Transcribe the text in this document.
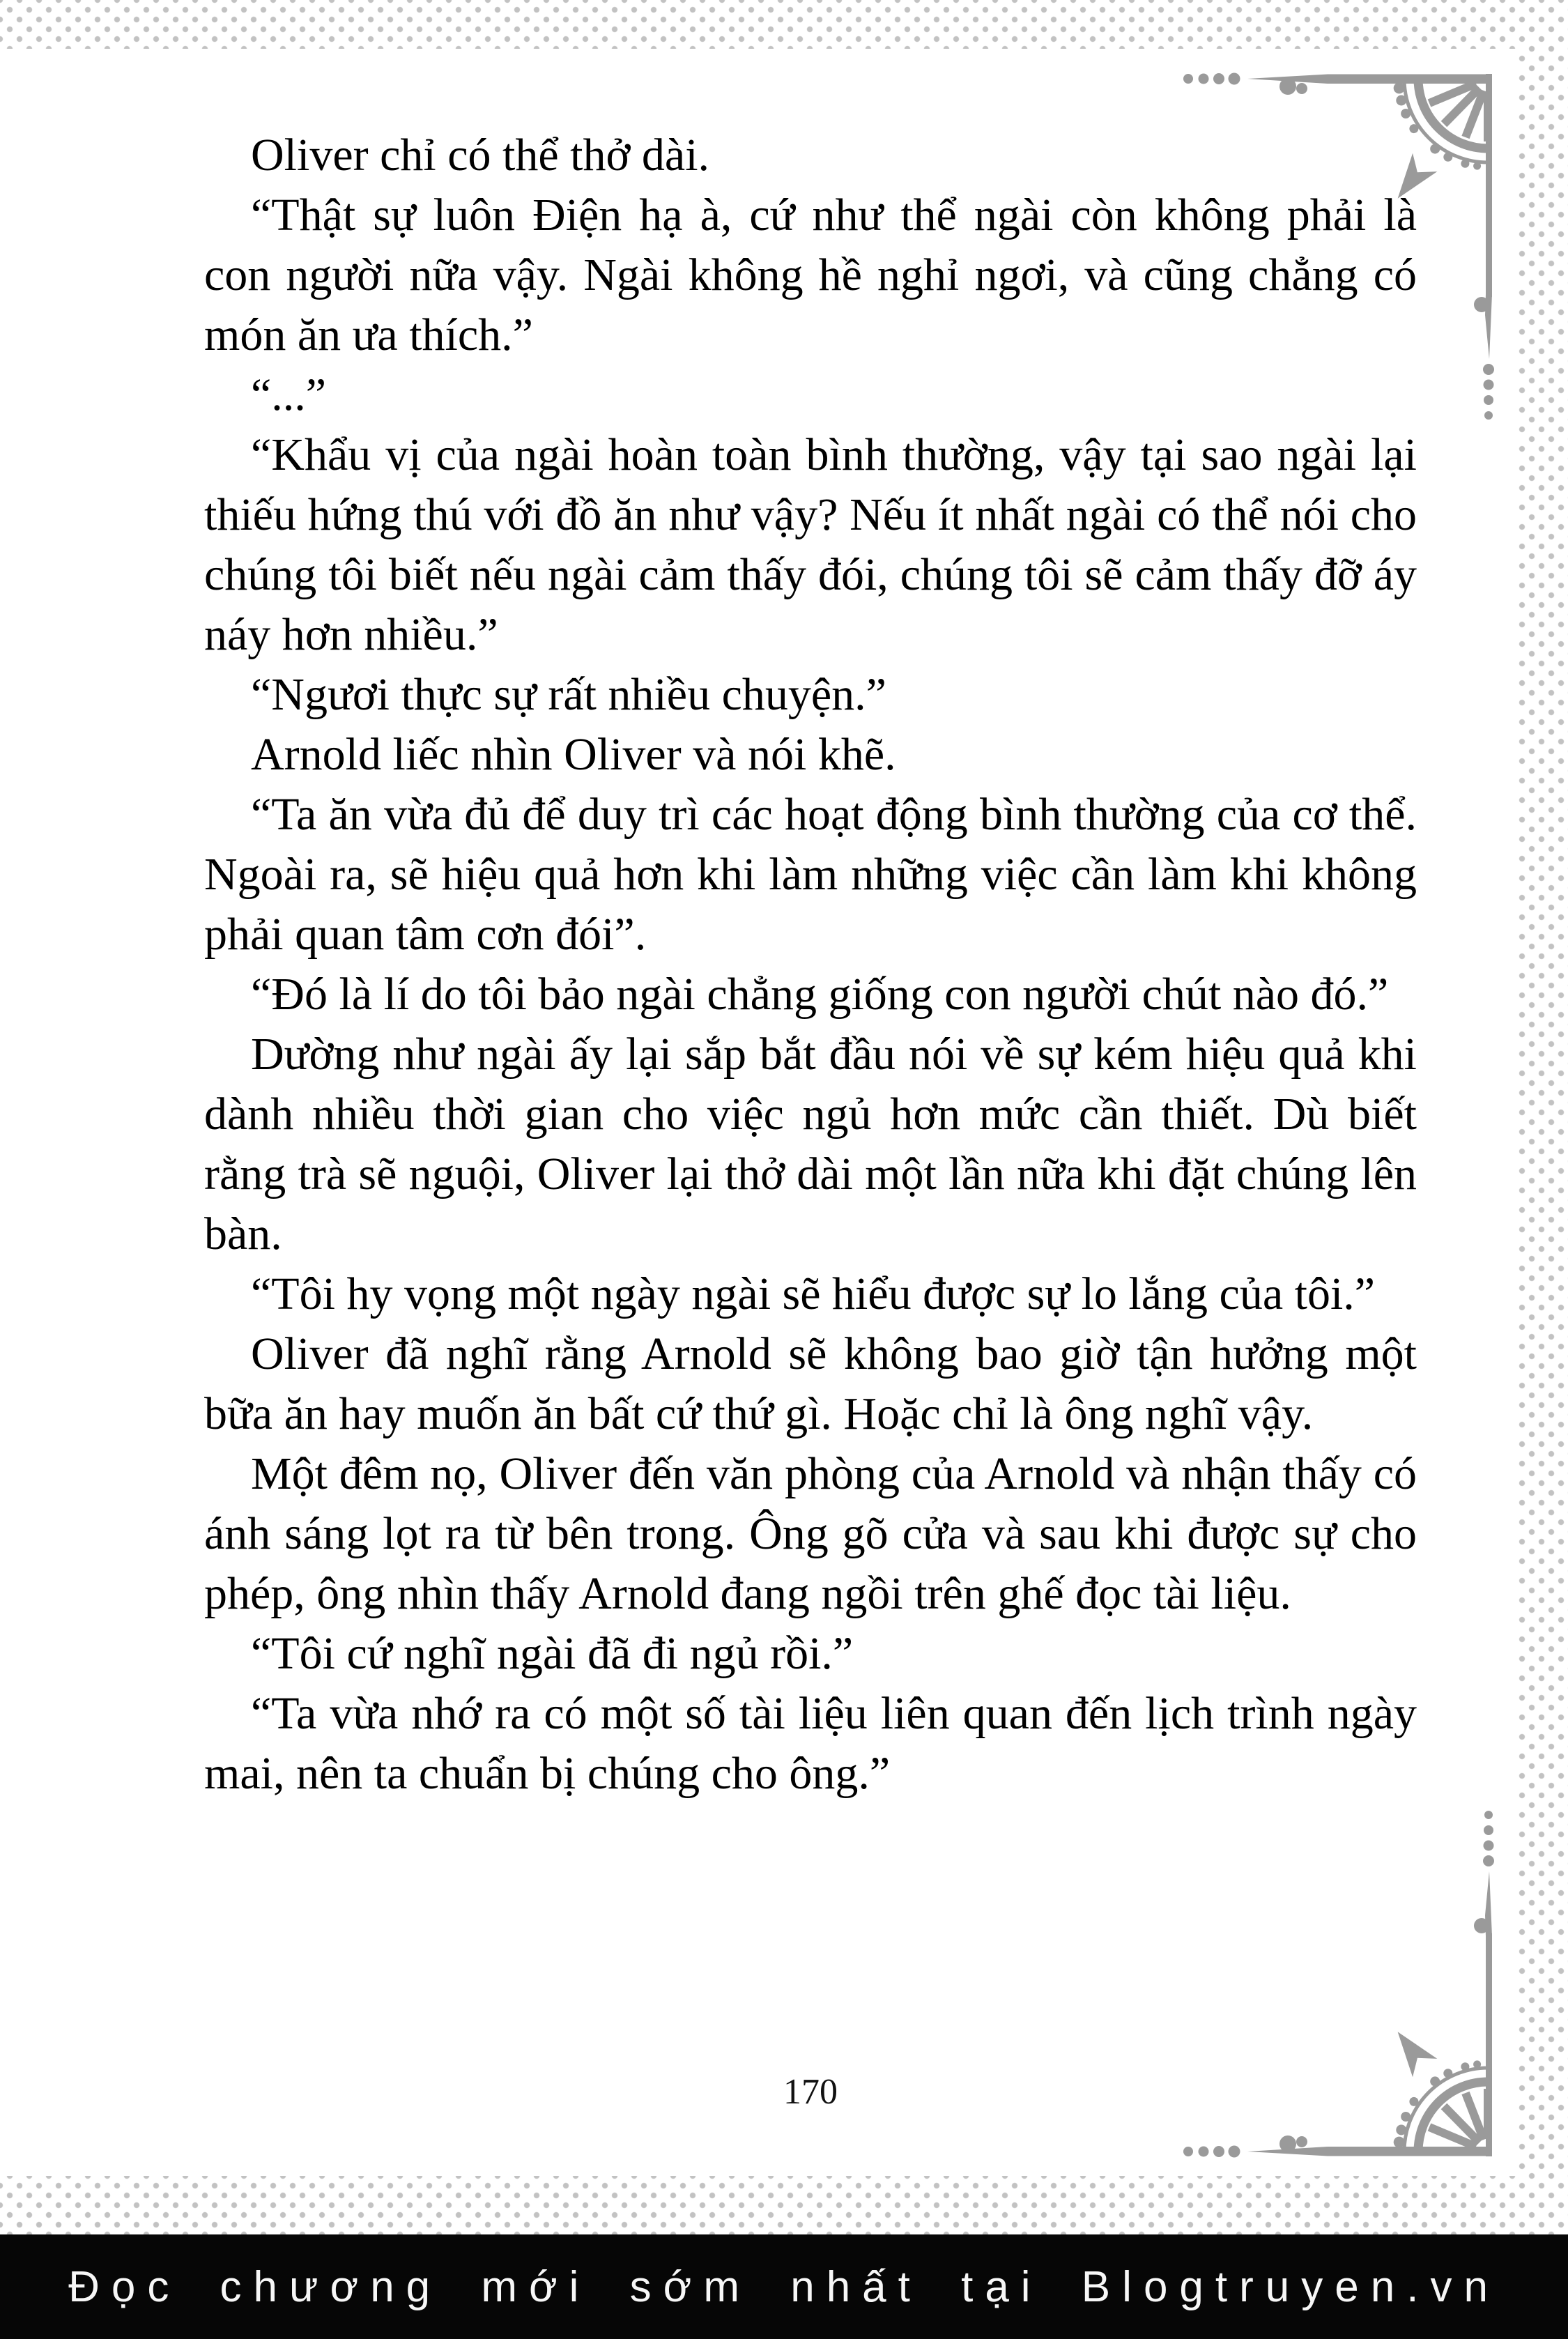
Oliver chỉ có thể thở dài.

“Thật sự luôn Điện hạ à, cứ như thể ngài còn không phải là con người nữa vậy. Ngài không hề nghỉ ngơi, và cũng chẳng có món ăn ưa thích.”

“...”

“Khẩu vị của ngài hoàn toàn bình thường, vậy tại sao ngài lại thiếu hứng thú với đồ ăn như vậy? Nếu ít nhất ngài có thể nói cho chúng tôi biết nếu ngài cảm thấy đói, chúng tôi sẽ cảm thấy đỡ áy náy hơn nhiều.”

“Ngươi thực sự rất nhiều chuyện.”

Arnold liếc nhìn Oliver và nói khẽ.

“Ta ăn vừa đủ để duy trì các hoạt động bình thường của cơ thể. Ngoài ra, sẽ hiệu quả hơn khi làm những việc cần làm khi không phải quan tâm cơn đói”.

“Đó là lí do tôi bảo ngài chẳng giống con người chút nào đó.”

Dường như ngài ấy lại sắp bắt đầu nói về sự kém hiệu quả khi dành nhiều thời gian cho việc ngủ hơn mức cần thiết. Dù biết rằng trà sẽ nguội, Oliver lại thở dài một lần nữa khi đặt chúng lên bàn.

“Tôi hy vọng một ngày ngài sẽ hiểu được sự lo lắng của tôi.”

Oliver đã nghĩ rằng Arnold sẽ không bao giờ tận hưởng một bữa ăn hay muốn ăn bất cứ thứ gì. Hoặc chỉ là ông nghĩ vậy.

Một đêm nọ, Oliver đến văn phòng của Arnold và nhận thấy có ánh sáng lọt ra từ bên trong. Ông gõ cửa và sau khi được sự cho phép, ông nhìn thấy Arnold đang ngồi trên ghế đọc tài liệu.

“Tôi cứ nghĩ ngài đã đi ngủ rồi.”

“Ta vừa nhớ ra có một số tài liệu liên quan đến lịch trình ngày mai, nên ta chuẩn bị chúng cho ông.”

170
Đọc chương mới sớm nhất tại Blogtruyen.vn
